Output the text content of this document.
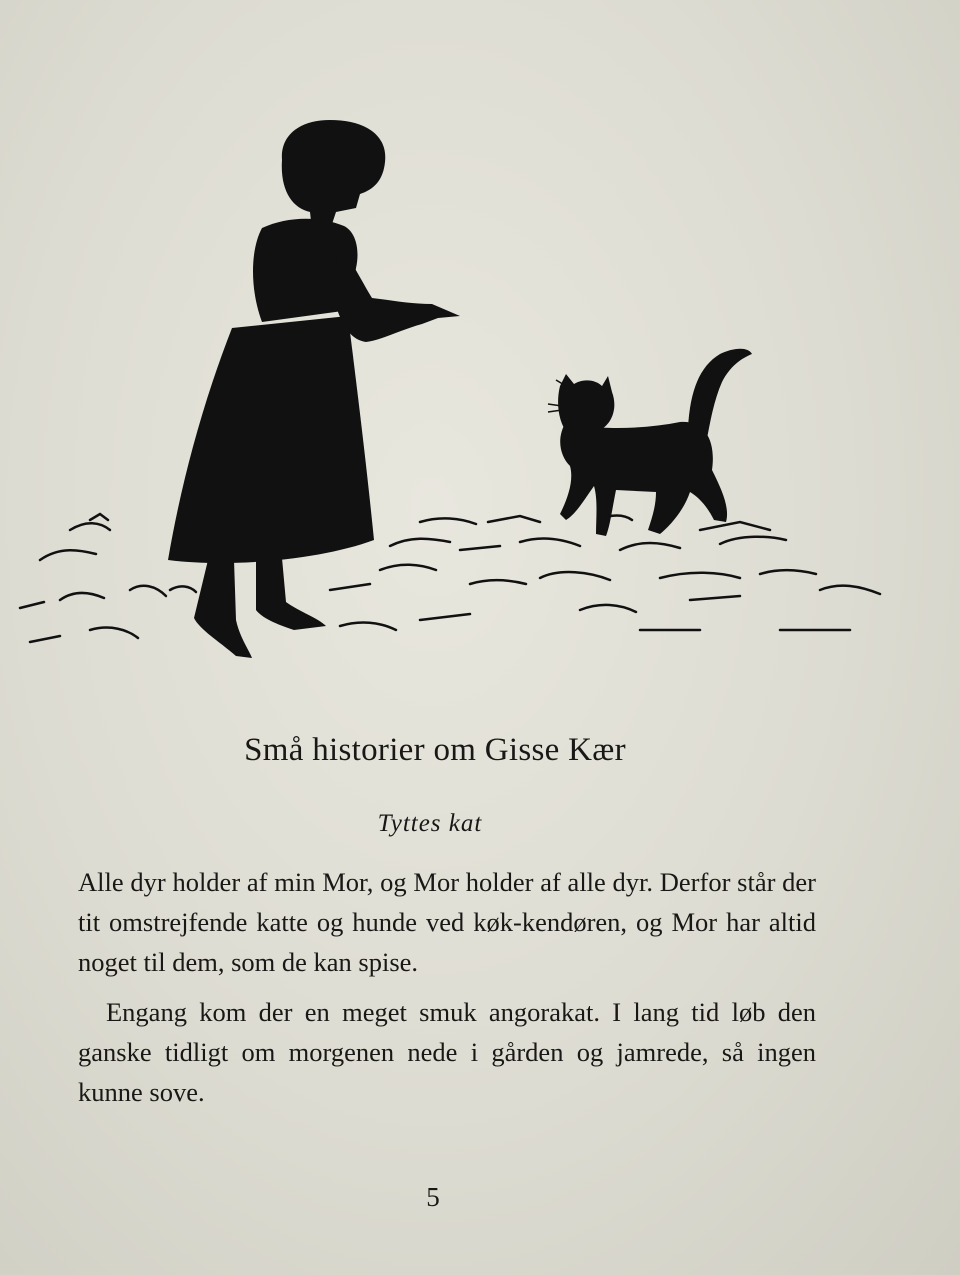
Små historier om Gisse Kær
Tyttes kat

Alle dyr holder af min Mor, og Mor holder af alle dyr. Derfor står der tit omstrejfende katte og hunde ved køk-kendøren, og Mor har altid noget til dem, som de kan spise.

Engang kom der en meget smuk angorakat. I lang tid løb den ganske tidligt om morgenen nede i gården og jamrede, så ingen kunne sove.

5
